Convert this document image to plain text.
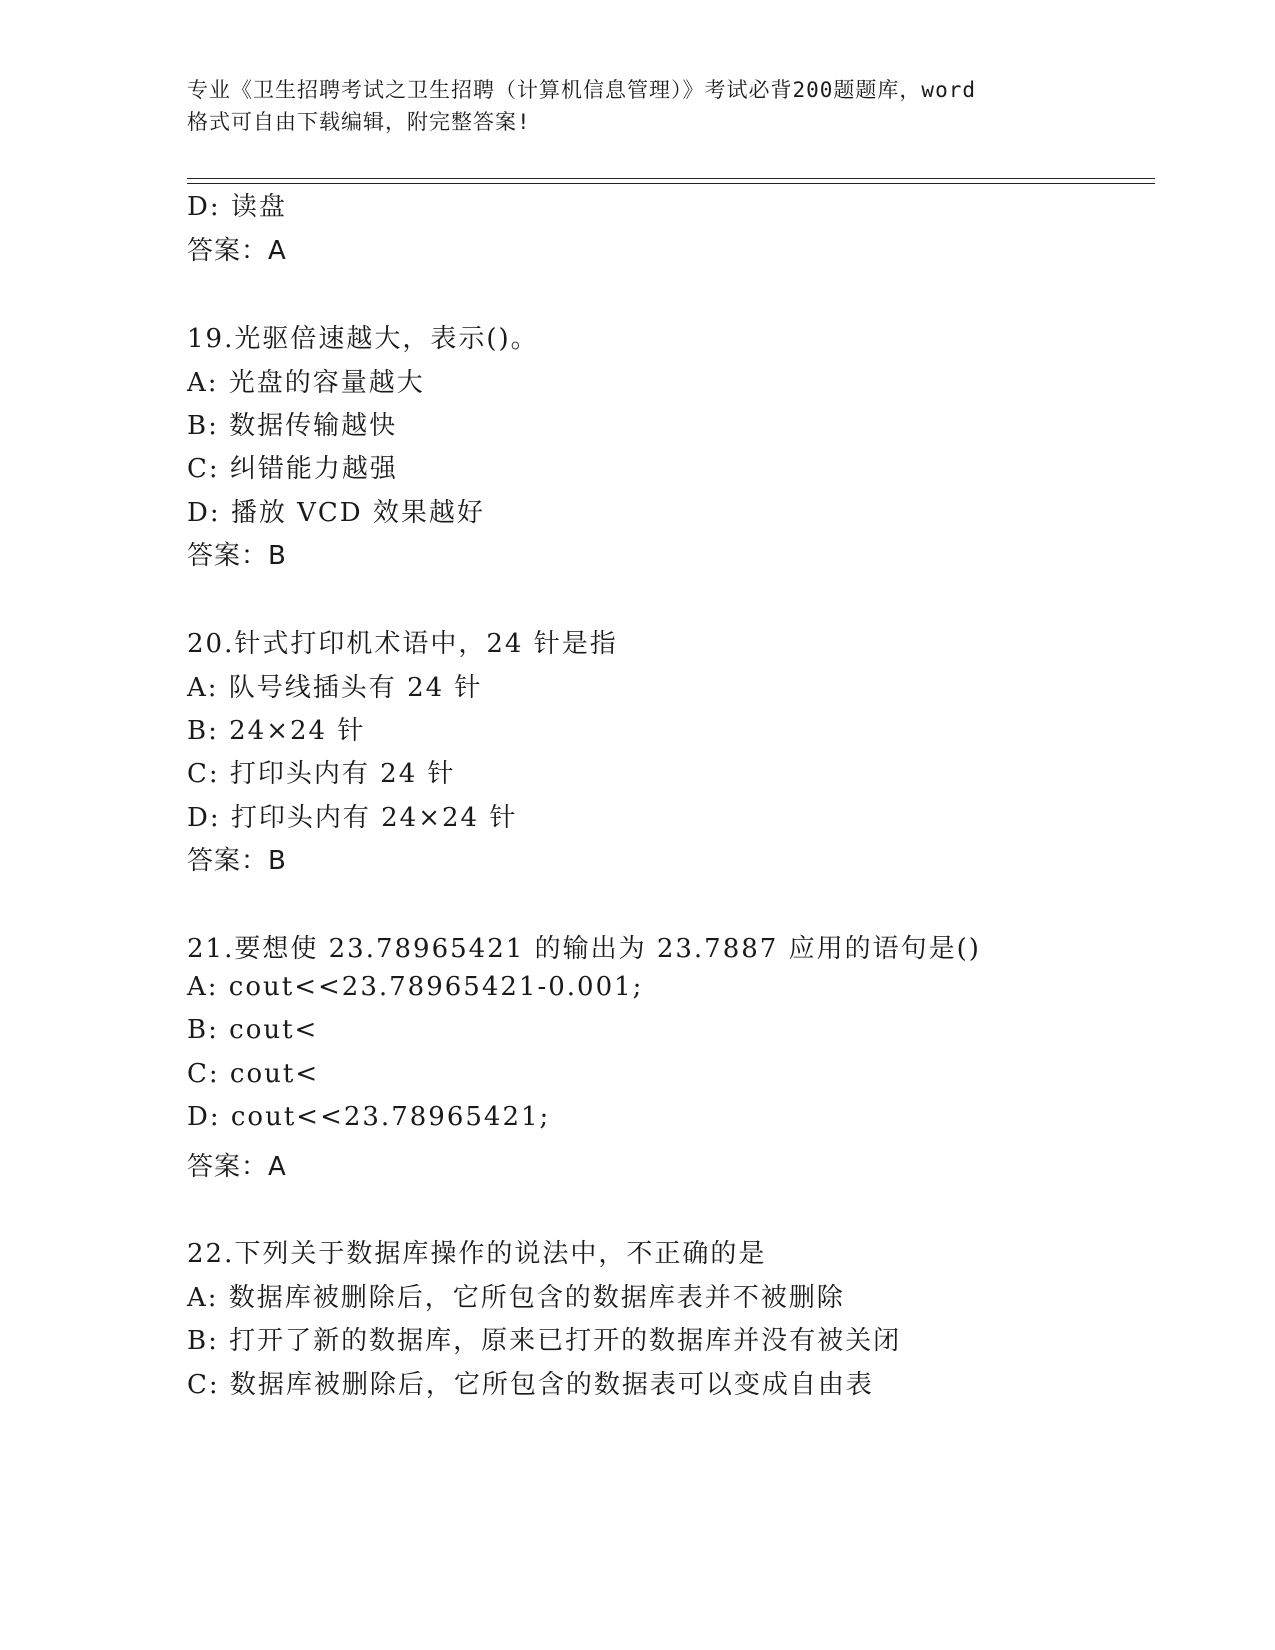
专业《卫生招聘考试之卫生招聘（计算机信息管理）》考试必背200题题库，word
格式可自由下载编辑，附完整答案!
D: 读盘
答案：A
19.光驱倍速越大，表示()。
A: 光盘的容量越大
B: 数据传输越快
C: 纠错能力越强
D: 播放 VCD 效果越好
答案：B
20.针式打印机术语中，24 针是指
A: 队号线插头有 24 针
B: 24×24 针
C: 打印头内有 24 针
D: 打印头内有 24×24 针
答案：B
21.要想使 23.78965421 的输出为 23.7887 应用的语句是()
A: cout<<23.78965421-0.001;
B: cout<
C: cout<
D: cout<<23.78965421;
答案：A
22.下列关于数据库操作的说法中，不正确的是
A: 数据库被删除后，它所包含的数据库表并不被删除
B: 打开了新的数据库，原来已打开的数据库并没有被关闭
C: 数据库被删除后，它所包含的数据表可以变成自由表
